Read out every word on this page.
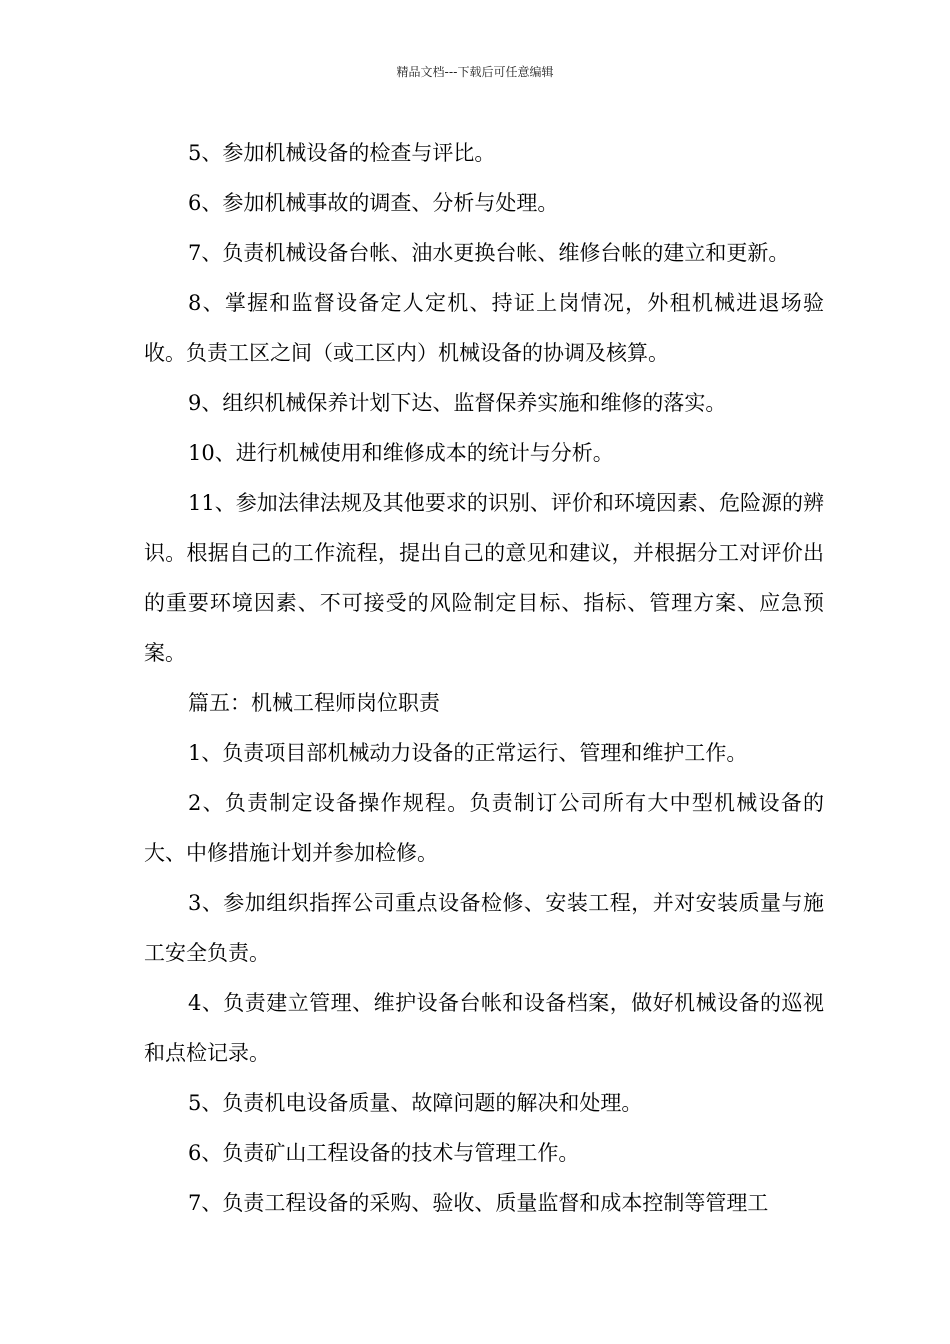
精品文档---下载后可任意编辑

5、参加机械设备的检查与评比。

6、参加机械事故的调查、分析与处理。

7、负责机械设备台帐、油水更换台帐、维修台帐的建立和更新。

8、掌握和监督设备定人定机、持证上岗情况，外租机械进退场验收。负责工区之间（或工区内）机械设备的协调及核算。

9、组织机械保养计划下达、监督保养实施和维修的落实。

10、进行机械使用和维修成本的统计与分析。

11、参加法律法规及其他要求的识别、评价和环境因素、危险源的辨识。根据自己的工作流程，提出自己的意见和建议，并根据分工对评价出的重要环境因素、不可接受的风险制定目标、指标、管理方案、应急预案。

篇五：机械工程师岗位职责

1、负责项目部机械动力设备的正常运行、管理和维护工作。

2、负责制定设备操作规程。负责制订公司所有大中型机械设备的大、中修措施计划并参加检修。

3、参加组织指挥公司重点设备检修、安装工程，并对安装质量与施工安全负责。

4、负责建立管理、维护设备台帐和设备档案，做好机械设备的巡视和点检记录。

5、负责机电设备质量、故障问题的解决和处理。

6、负责矿山工程设备的技术与管理工作。

7、负责工程设备的采购、验收、质量监督和成本控制等管理工
